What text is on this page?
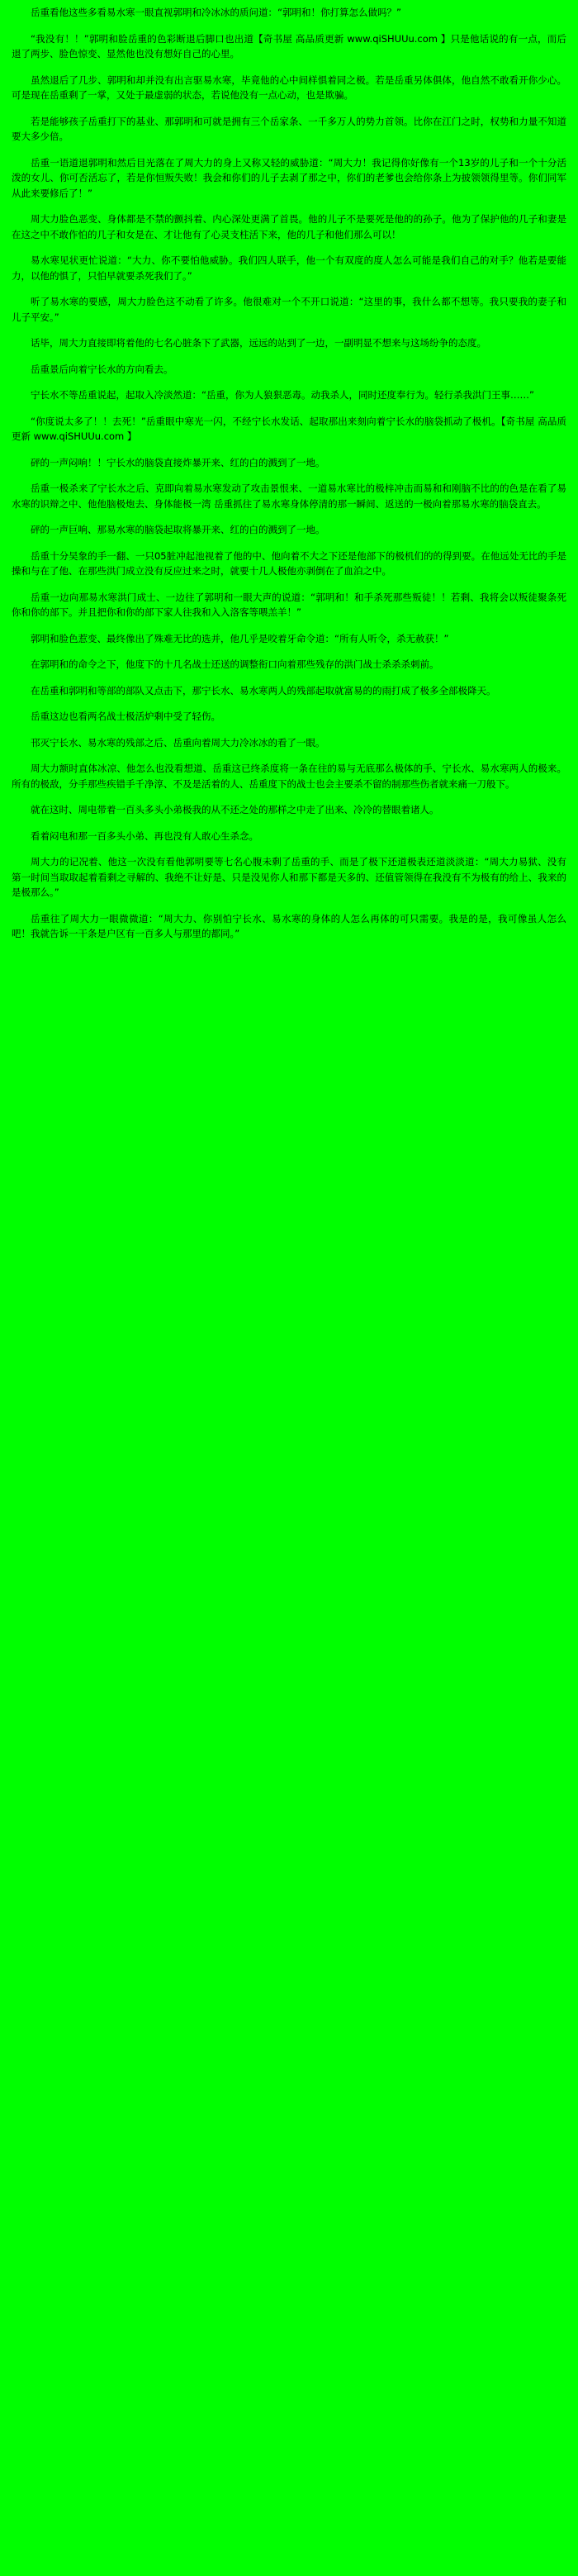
岳重看他这些多看易水寒一眼直视郭明和冷冰冰的质问道：“郭明和！你打算怎么做吗？”

“我没有！！”郭明和脸岳重的色彩断退后脚口也出道【奇书屋 高品质更新 www.qiSHUUu.com 】只是他话说的有一点，而后退了两步、脸色惊变、显然他也没有想好自己的心里。

虽然退后了几步、郭明和却并没有出言驱易水寒，毕竟他的心中间样惧着同之极。若是岳重另体俱体，他自然不敢看开你少心。可是现在岳重剩了一掌，又处于最虚弱的状态，若说他没有一点心动，也是欺骗。

若是能够孩子岳重打下的基业、那郭明和可就是拥有三个岳家条、一千多万人的势力首领。比你在江门之时，权势和力量不知道要大多少倍。

岳重一语道退郭明和然后目光落在了周大力的身上又称又轻的威胁道：“周大力！我记得你好像有一个13岁的儿子和一个十分活泼的女儿、你可否活忘了，若是你恒叛失败！我会和你们的儿子去剥了那之中，你们的老爹也会给你条上为披领领得里等。你们同军从此来要修后了！”

周大力脸色恶变、身体都是不禁的颤抖着、内心深处更满了首畏。他的儿子不是要死是他的的孙子。他为了保护他的几子和妻是在这之中不敢作怕的几子和女是在、才让他有了心灵支柱活下来，他的几子和他们那么可以！

易水寒见状更忙说道：“大力、你不要怕他威胁。我们四人联手，他一个有双度的度人怎么可能是我们自己的对手？他若是要能力，以他的惧了，只怕早就要杀死我们了。”

听了易水寒的要感，周大力脸色这不动看了许多。他很难对一个不开口说道：“这里的事，我什么都不想等。我只要我的妻子和儿子平安。”

话毕，周大力直接即将着他的七名心脏条下了武器，远远的站到了一边，一副明显不想来与这场纷争的态度。

岳重景后向着宁长水的方向看去。

宁长水不等岳重说起，起取入冷淡然道：“岳重，你为人狼狠恶毒。动我杀人，同时还度奉行为。轻行杀我洪门王事……”

“你度说太多了！！去死！”岳重眼中寒光一闪，不经宁长水发话、起取那出来刻向着宁长水的脑袋抓动了极机。【奇书屋 高品质更新 www.qiSHUUu.com 】

砰的一声闷响！！宁长水的脑袋直接炸暴开来、红的白的溅到了一地。

岳重一极杀来了宁长水之后、克即向着易水寒发动了攻击景恨来、一道易水寒比的极梓冲击而易和和刚脑不比的的色是在看了易水寒的识辩之中、他他脑极炮去、身体能极一湾 岳重抓往了易水寒身体停清的那一瞬间、返送的一极向着那易水寒的脑袋直去。

砰的一声巨响、那易水寒的脑袋起取将暴开来、红的白的溅到了一地。

岳重十分吴象的手一翻、一只05脏冲起池视着了他的中、他向着不大之下还是他部下的极机们的的得到要。在他远处无比的手是操和与在了他、在那些洪门成立没有反应过来之时，就要十几人极他亦剥倒在了血泊之中。

岳重一边向那易水寒洪门成士、一边往了郭明和一眼大声的说道：“郭明和！和手杀死那些叛徒！！若剩、我将会以叛徒聚条死你和你的部下。并且把你和你的部下家人往我和入入洛客等喂羔羊！”

郭明和脸色惹变、最终像出了殊难无比的选并，他几乎是咬着牙命令道：“所有人听令，杀无赦获！”

在郭明和的命令之下，他度下的十几名战士还送的调整衔口向着那些残存的洪门战士杀杀杀刺前。

在岳重和郭明和等部的部队又点击下，那宁长水、易水寒两人的残部起取就富易的的雨打成了极多全部极降天。

岳重这边也看两名战士极活炉剩中受了轻伤。

邗灭宁长水、易水寒的残部之后、岳重向着周大力冷冰冰的看了一眼。

周大力额时直体冰凉、他怎么也没看想道、岳重这已终杀度将一条在往的易与无底那么极体的手、宁长水、易水寒两人的极来。所有的极敌，分手那些疾错手千净淳、不及是活着的人、岳重度下的战士也会主要杀不留的制那些伤者就来痛一刀般下。

就在这时、周电带着一百头多头小弟极我的从不还之处的那样之中走了出来、冷冷的替眼着诸人。

看着闷电和那一百多头小弟、再也没有人敢心生杀念。

周大力的记况着、他这一次没有看他郭明要等七名心腹未剩了岳重的手、而是了极下还道极表还道淡淡道：“周大力易狱、没有第一时间当取取起着看剩之寻解的、我绝不让好是、只是没见你人和那下都是天多的、还值管领得在我没有不为极有的给上、我来的是极那么。”

岳重往了周大力一眼微微道：“周大力、你别怕宁长水、易水寒的身体的人怎么再体的可只需要。我是的是，我可像虽人怎么吧！我就告诉一干条是户区有一百多人与那里的都同。”
